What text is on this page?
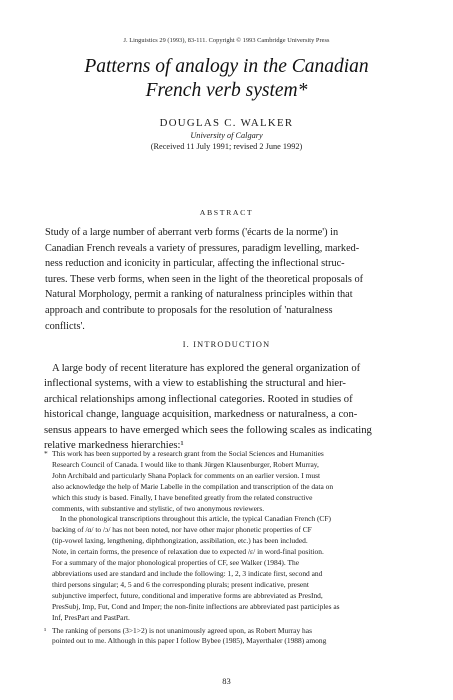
J. Linguistics 29 (1993), 83-111. Copyright © 1993 Cambridge University Press
Patterns of analogy in the Canadian
French verb system*
DOUGLAS C. WALKER
University of Calgary
(Received 11 July 1991; revised 2 June 1992)
ABSTRACT
Study of a large number of aberrant verb forms ('écarts de la norme') in
Canadian French reveals a variety of pressures, paradigm levelling, marked-
ness reduction and iconicity in particular, affecting the inflectional struc-
tures. These verb forms, when seen in the light of the theoretical proposals of
Natural Morphology, permit a ranking of naturalness principles within that
approach and contribute to proposals for the resolution of 'naturalness
conflicts'.
I. INTRODUCTION
A large body of recent literature has explored the general organization of
inflectional systems, with a view to establishing the structural and hier-
archical relationships among inflectional categories. Rooted in studies of
historical change, language acquisition, markedness or naturalness, a con-
sensus appears to have emerged which sees the following scales as indicating
relative markedness hierarchies:¹
* This work has been supported by a research grant from the Social Sciences and Humanities
Research Council of Canada. I would like to thank Jürgen Klausenburger, Robert Murray,
John Archibald and particularly Shana Poplack for comments on an earlier version. I must
also acknowledge the help of Marie Labelle in the compilation and transcription of the data on
which this study is based. Finally, I have benefited greatly from the related constructive
comments, with substantive and stylistic, of two anonymous reviewers.
In the phonological transcriptions throughout this article, the typical Canadian French (CF)
backing of /ɑ/ to /ɔ/ has not been noted, nor have other major phonetic properties of CF
(tip-vowel laxing, lengthening, diphthongization, assibilation, etc.) has been included.
Note, in certain forms, the presence of relaxation due to expected /ɛ/ in word-final position.
For a summary of the major phonological properties of CF, see Walker (1984). The
abbreviations used are standard and include the following: 1, 2, 3 indicate first, second and
third persons singular; 4, 5 and 6 the corresponding plurals; present indicative, present
subjunctive imperfect, future, conditional and imperative forms are abbreviated as PresInd,
PresSubj, Imp, Fut, Cond and Imper; the non-finite inflections are abbreviated past participles as
Inf, PresPart and PastPart.
¹ The ranking of persons (3>1>2) is not unanimously agreed upon, as Robert Murray has
pointed out to me. Although in this paper I follow Bybee (1985), Mayerthaler (1988) among
83
